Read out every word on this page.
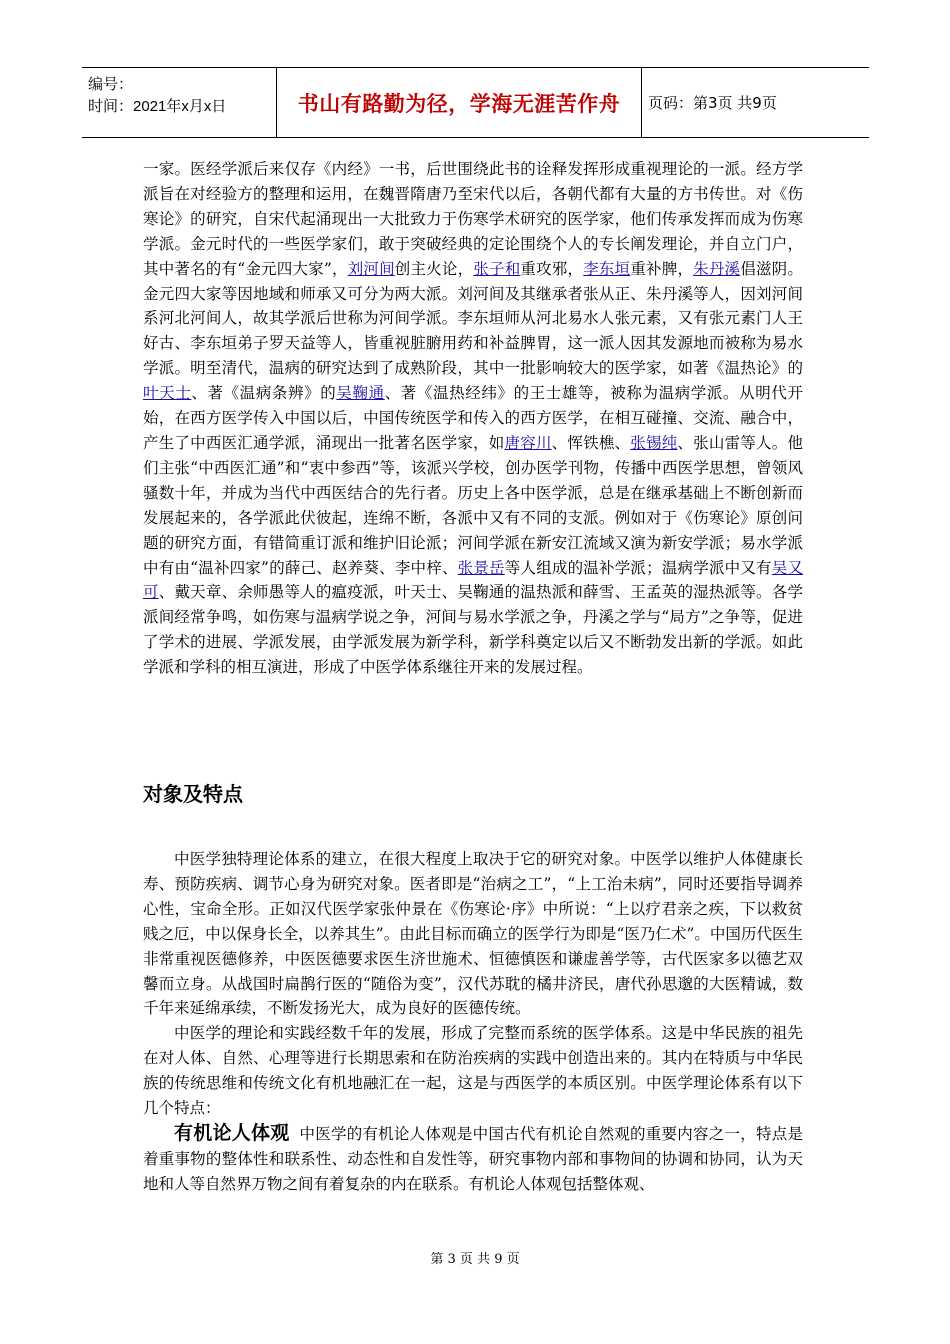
编号：
时间：2021年x月x日	书山有路勤为径，学海无涯苦作舟	页码：第3页 共9页

一家。医经学派后来仅存《内经》一书，后世围绕此书的诠释发挥形成重视理论的一派。经方学派旨在对经验方的整理和运用，在魏晋隋唐乃至宋代以后，各朝代都有大量的方书传世。对《伤寒论》的研究，自宋代起涌现出一大批致力于伤寒学术研究的医学家，他们传承发挥而成为伤寒学派。金元时代的一些医学家们，敢于突破经典的定论围绕个人的专长阐发理论，并自立门户，其中著名的有“金元四大家”，刘河间创主火论，张子和重攻邪，李东垣重补脾，朱丹溪倡滋阴。金元四大家等因地域和师承又可分为两大派。刘河间及其继承者张从正、朱丹溪等人，因刘河间系河北河间人，故其学派后世称为河间学派。李东垣师从河北易水人张元素，又有张元素门人王好古、李东垣弟子罗天益等人，皆重视脏腑用药和补益脾胃，这一派人因其发源地而被称为易水学派。明至清代，温病的研究达到了成熟阶段，其中一批影响较大的医学家，如著《温热论》的叶天士、著《温病条辨》的吴鞠通、著《温热经纬》的王士雄等，被称为温病学派。从明代开始，在西方医学传入中国以后，中国传统医学和传入的西方医学，在相互碰撞、交流、融合中，产生了中西医汇通学派，涌现出一批著名医学家，如唐容川、恽铁樵、张锡纯、张山雷等人。他们主张“中西医汇通”和“衷中参西”等，该派兴学校，创办医学刊物，传播中西医学思想，曾领风骚数十年，并成为当代中西医结合的先行者。历史上各中医学派，总是在继承基础上不断创新而发展起来的，各学派此伏彼起，连绵不断，各派中又有不同的支派。例如对于《伤寒论》原创问题的研究方面，有错简重订派和维护旧论派；河间学派在新安江流域又演为新安学派；易水学派中有由“温补四家”的薛己、赵养葵、李中梓、张景岳等人组成的温补学派；温病学派中又有吴又可、戴天章、余师愚等人的瘟疫派，叶天士、吴鞠通的温热派和薛雪、王孟英的湿热派等。各学派间经常争鸣，如伤寒与温病学说之争，河间与易水学派之争，丹溪之学与“局方”之争等，促进了学术的进展、学派发展，由学派发展为新学科，新学科奠定以后又不断勃发出新的学派。如此学派和学科的相互演进，形成了中医学体系继往开来的发展过程。

对象及特点

中医学独特理论体系的建立，在很大程度上取决于它的研究对象。中医学以维护人体健康长寿、预防疾病、调节心身为研究对象。医者即是“治病之工”，“上工治未病”，同时还要指导调养心性，宝命全形。正如汉代医学家张仲景在《伤寒论·序》中所说：“上以疗君亲之疾，下以救贫贱之厄，中以保身长全，以养其生”。由此目标而确立的医学行为即是“医乃仁术”。中国历代医生非常重视医德修养，中医医德要求医生济世施术、恒德慎医和谦虚善学等，古代医家多以德艺双馨而立身。从战国时扁鹊行医的“随俗为变”，汉代苏耽的橘井济民，唐代孙思邈的大医精诚，数千年来延绵承续，不断发扬光大，成为良好的医德传统。

中医学的理论和实践经数千年的发展，形成了完整而系统的医学体系。这是中华民族的祖先在对人体、自然、心理等进行长期思索和在防治疾病的实践中创造出来的。其内在特质与中华民族的传统思维和传统文化有机地融汇在一起，这是与西医学的本质区别。中医学理论体系有以下几个特点：

有机论人体观 中医学的有机论人体观是中国古代有机论自然观的重要内容之一，特点是着重事物的整体性和联系性、动态性和自发性等，研究事物内部和事物间的协调和协同，认为天地和人等自然界万物之间有着复杂的内在联系。有机论人体观包括整体观、

第 3 页 共 9 页
